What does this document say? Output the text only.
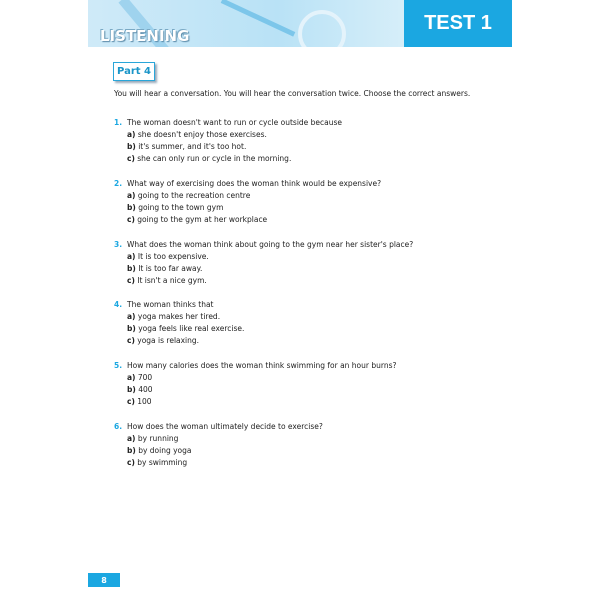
LISTENING
TEST 1
Part 4
You will hear a conversation. You will hear the conversation twice. Choose the correct answers.
1. The woman doesn't want to run or cycle outside because
a) she doesn't enjoy those exercises.
b) it's summer, and it's too hot.
c) she can only run or cycle in the morning.
2. What way of exercising does the woman think would be expensive?
a) going to the recreation centre
b) going to the town gym
c) going to the gym at her workplace
3. What does the woman think about going to the gym near her sister's place?
a) It is too expensive.
b) It is too far away.
c) It isn't a nice gym.
4. The woman thinks that
a) yoga makes her tired.
b) yoga feels like real exercise.
c) yoga is relaxing.
5. How many calories does the woman think swimming for an hour burns?
a) 700
b) 400
c) 100
6. How does the woman ultimately decide to exercise?
a) by running
b) by doing yoga
c) by swimming
8
